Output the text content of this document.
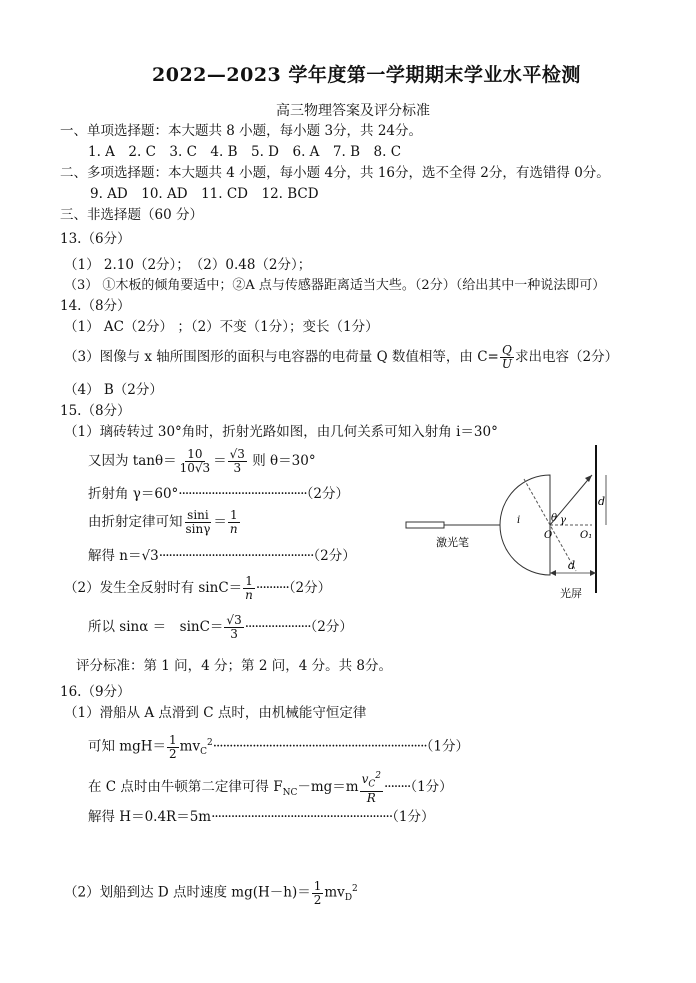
2022—2023 学年度第一学期期末学业水平检测
高三物理答案及评分标准
一、单项选择题：本大题共 8 小题，每小题 3分，共 24分。
1. A　2. C　3. C　4. B　5. D　6. A　7. B　8. C
二、多项选择题：本大题共 4 小题，每小题 4分，共 16分，选不全得 2分，有选错得 0分。
9. AD　10. AD　11. CD　12. BCD
三、非选择题（60 分）
13.（6分）
（1） 2.10（2分）；　（2）0.48（2分）；
（3） ①木板的倾角要适中；②A 点与传感器距离适当大些。（2分）（给出其中一种说法即可）
14.（8分）
（1） AC（2分） ；（2）不变（1分）；变长（1分）
（3）图像与 x 轴所围图形的面积与电容器的电荷量 Q 数值相等，由 $C= \frac{Q}{U}$ 求出电容（2分）
（4） B（2分）
15.（8分）
（1）璃砖转过 30°角时，折射光路如图，由几何关系可知入射角 i＝30°
又因为 $\tan\theta= \frac{10}{10√3} = \frac{√3}{3}$ 则 θ＝30°
折射角 γ＝60°·······································（2分）
由折射定律可知 $\frac{\sin i}{\sin\gamma} = \frac{1}{n}$
解得 n＝√3···············································（2分）
（2）发生全反射时有 $\sin C= \frac{1}{n} \cdot\cdot\cdot\cdot\cdot\cdot\cdot\cdot\cdot\cdot(2$分）
所以 sinα ＝　$\sin C= \frac{√3}{3} \cdot\cdot\cdot\cdot\cdot\cdot\cdot\cdot\cdot\cdot\cdot\cdot\cdot\cdot\cdot\cdot\cdot\cdot\cdot\cdot(2$分）
评分标准：第 1 问，4 分；第 2 问，4 分。共 8分。
d
d
i	θ γ
O	O₁
激光笔
光屏
16.（9分）
（1）滑船从 A 点滑到 C 点时，由机械能守恒定律
可知 $mgH= \frac{1}{2} mv_C^2\cdot\cdot\cdot\cdot\cdot\cdot\cdot\cdot\cdot\cdot\cdot\cdot\cdot\cdot\cdot\cdot\cdot\cdot\cdot\cdot\cdot\cdot\cdot\cdot\cdot\cdot\cdot\cdot\cdot\cdot\cdot\cdot\cdot\cdot\cdot\cdot\cdot\cdot\cdot\cdot\cdot\cdot\cdot\cdot\cdot\cdot\cdot\cdot\cdot\cdot\cdot\cdot\cdot\cdot\cdot\cdot\cdot\cdot\cdot\cdot\cdot\cdot\cdot\cdot\cdot(1$分）
在 C 点时由牛顿第二定律可得 $F_{NC}-mg=m \frac{v_C^2}{R} \cdot\cdot\cdot\cdot\cdot\cdot\cdot\cdot(1$分）
解得 H＝0.4R＝5m·······················································（1分）
（2）划船到达 D 点时速度 $mg(H-h)= \frac{1}{2} mv_D^2$
